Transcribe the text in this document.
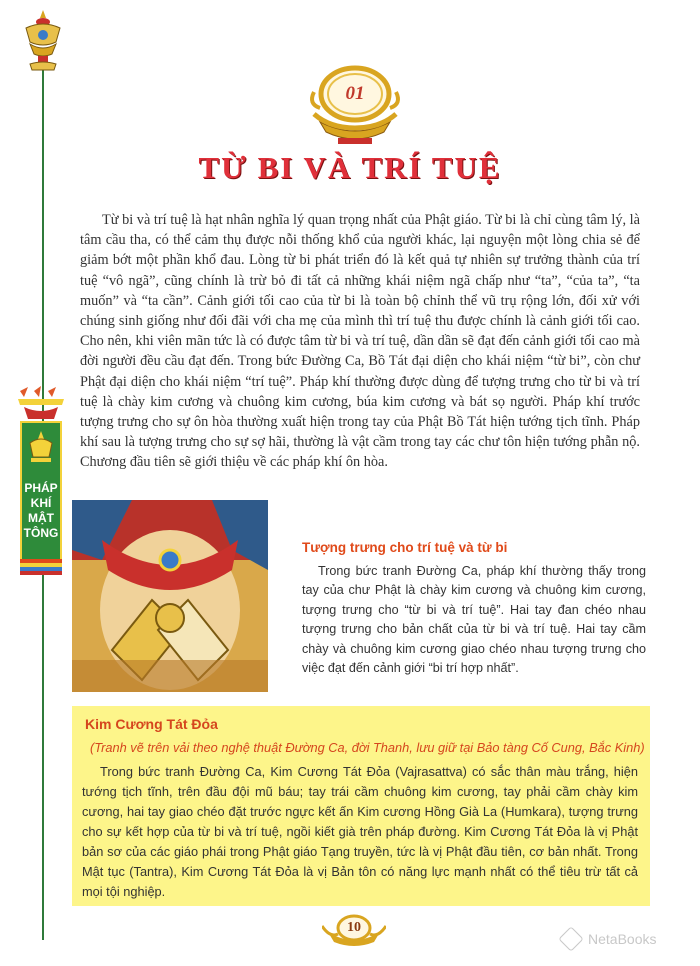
PHÁP
KHÍ
MẬT
TÔNG
01
TỪ BI VÀ TRÍ TUỆ

Từ bi và trí tuệ là hạt nhân nghĩa lý quan trọng nhất của Phật giáo. Từ bi là chỉ cùng tâm lý, là tâm cầu tha, có thể cảm thụ được nỗi thống khổ của người khác, lại nguyện một lòng chia sẻ để giảm bớt một phần khổ đau. Lòng từ bi phát triển đó là kết quả tự nhiên sự trưởng thành của trí tuệ “vô ngã”, cũng chính là trừ bỏ đi tất cả những khái niệm ngã chấp như “ta”, “của ta”, “ta muốn” và “ta cần”. Cảnh giới tối cao của từ bi là toàn bộ chỉnh thể vũ trụ rộng lớn, đối xử với chúng sinh giống như đối đãi với cha mẹ của mình thì trí tuệ thu được chính là cảnh giới tối cao. Cho nên, khi viên mãn tức là có được tâm từ bi và trí tuệ, dần dần sẽ đạt đến cảnh giới tối cao mà đời người đều cầu đạt đến. Trong bức Đường Ca, Bồ Tát đại diện cho khái niệm “từ bi”, còn chư Phật đại diện cho khái niệm “trí tuệ”. Pháp khí thường được dùng để tượng trưng cho từ bi và trí tuệ là chày kim cương và chuông kim cương, búa kim cương và bát sọ người. Pháp khí trước tượng trưng cho sự ôn hòa thường xuất hiện trong tay của Phật Bồ Tát hiện tướng tịch tĩnh. Pháp khí sau là tượng trưng cho sự sợ hãi, thường là vật cầm trong tay các chư tôn hiện tướng phẫn nộ. Chương đầu tiên sẽ giới thiệu về các pháp khí ôn hòa.

Tượng trưng cho trí tuệ và từ bi

Trong bức tranh Đường Ca, pháp khí thường thấy trong tay của chư Phật là chày kim cương và chuông kim cương, tượng trưng cho “từ bi và trí tuệ”. Hai tay đan chéo nhau tượng trưng cho bản chất của từ bi và trí tuệ. Hai tay cầm chày và chuông kim cương giao chéo nhau tượng trưng cho việc đạt đến cảnh giới “bi trí hợp nhất”.

Kim Cương Tát Đỏa
(Tranh vẽ trên vải theo nghệ thuật Đường Ca, đời Thanh, lưu giữ tại Bảo tàng Cố Cung, Bắc Kinh)

Trong bức tranh Đường Ca, Kim Cương Tát Đỏa (Vajrasattva) có sắc thân màu trắng, hiện tướng tịch tĩnh, trên đầu đội mũ báu; tay trái cầm chuông kim cương, tay phải cầm chày kim cương, hai tay giao chéo đặt trước ngực kết ấn Kim cương Hồng Già La (Humkara), tượng trưng cho sự kết hợp của từ bi và trí tuệ, ngồi kiết già trên pháp đường. Kim Cương Tát Đỏa là vị Phật bản sơ của các giáo phái trong Phật giáo Tạng truyền, tức là vị Phật đầu tiên, cơ bản nhất. Trong Mật tục (Tantra), Kim Cương Tát Đỏa là vị Bản tôn có năng lực mạnh nhất có thể tiêu trừ tất cả mọi tội nghiệp.

10
NetaBooks
